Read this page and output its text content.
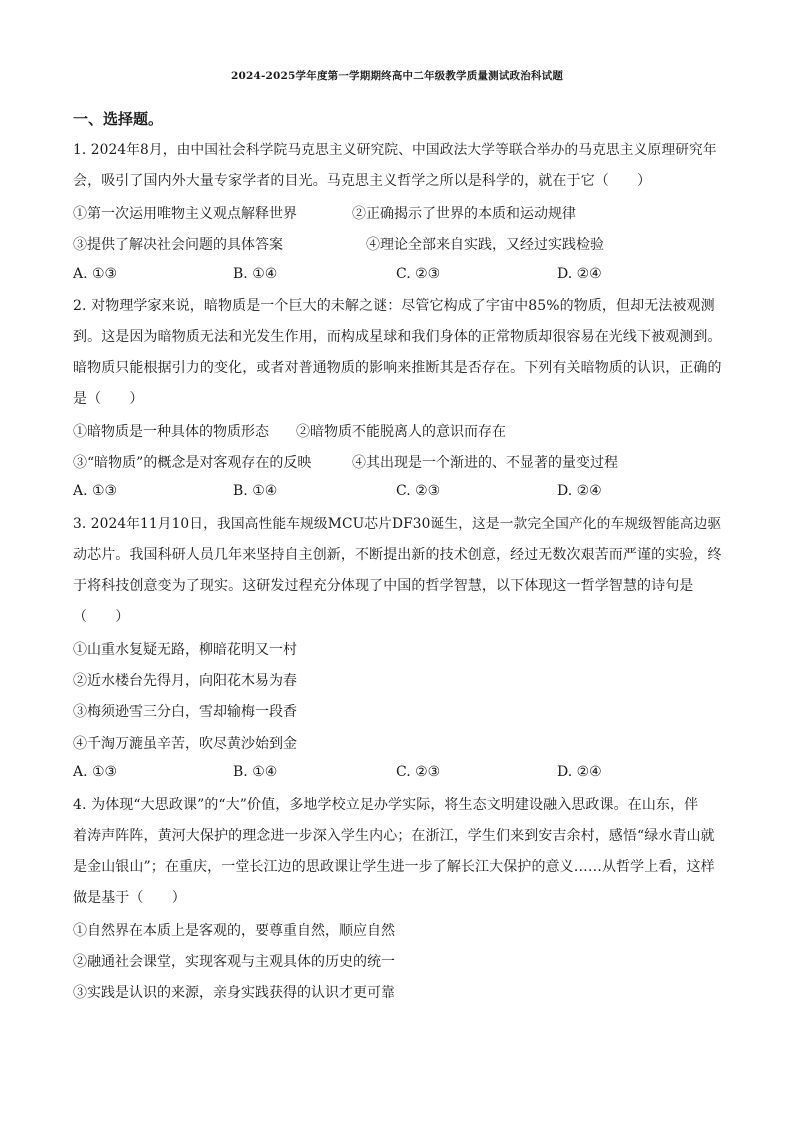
2024-2025学年度第一学期期终高中二年级教学质量测试政治科试题
一、选择题。
1. 2024年8月，由中国社会科学院马克思主义研究院、中国政法大学等联合举办的马克思主义原理研究年
会，吸引了国内外大量专家学者的目光。马克思主义哲学之所以是科学的，就在于它（　　）
①第一次运用唯物主义观点解释世界	②正确揭示了世界的本质和运动规律
③提供了解决社会问题的具体答案	④理论全部来自实践，又经过实践检验
A. ①③	B. ①④	C. ②③	D. ②④
2. 对物理学家来说，暗物质是一个巨大的未解之谜：尽管它构成了宇宙中85%的物质，但却无法被观测
到。这是因为暗物质无法和光发生作用，而构成星球和我们身体的正常物质却很容易在光线下被观测到。
暗物质只能根据引力的变化，或者对普通物质的影响来推断其是否存在。下列有关暗物质的认识，正确的
是（　　）
①暗物质是一种具体的物质形态 ②暗物质不能脱离人的意识而存在
③“暗物质”的概念是对客观存在的反映	④其出现是一个渐进的、不显著的量变过程
A. ①③	B. ①④	C. ②③	D. ②④
3. 2024年11月10日，我国高性能车规级MCU芯片DF30诞生，这是一款完全国产化的车规级智能高边驱
动芯片。我国科研人员几年来坚持自主创新，不断提出新的技术创意，经过无数次艰苦而严谨的实验，终
于将科技创意变为了现实。这研发过程充分体现了中国的哲学智慧，以下体现这一哲学智慧的诗句是
（　　）
①山重水复疑无路，柳暗花明又一村
②近水楼台先得月，向阳花木易为春
③梅须逊雪三分白，雪却输梅一段香
④千淘万漉虽辛苦，吹尽黄沙始到金
A. ①③	B. ①④	C. ②③	D. ②④
4. 为体现“大思政课”的“大”价值，多地学校立足办学实际，将生态文明建设融入思政课。在山东，伴
着涛声阵阵，黄河大保护的理念进一步深入学生内心；在浙江，学生们来到安吉余村，感悟“绿水青山就
是金山银山”；在重庆，一堂长江边的思政课让学生进一步了解长江大保护的意义……从哲学上看，这样
做是基于（　　）
①自然界在本质上是客观的，要尊重自然，顺应自然
②融通社会课堂，实现客观与主观具体的历史的统一
③实践是认识的来源，亲身实践获得的认识才更可靠
